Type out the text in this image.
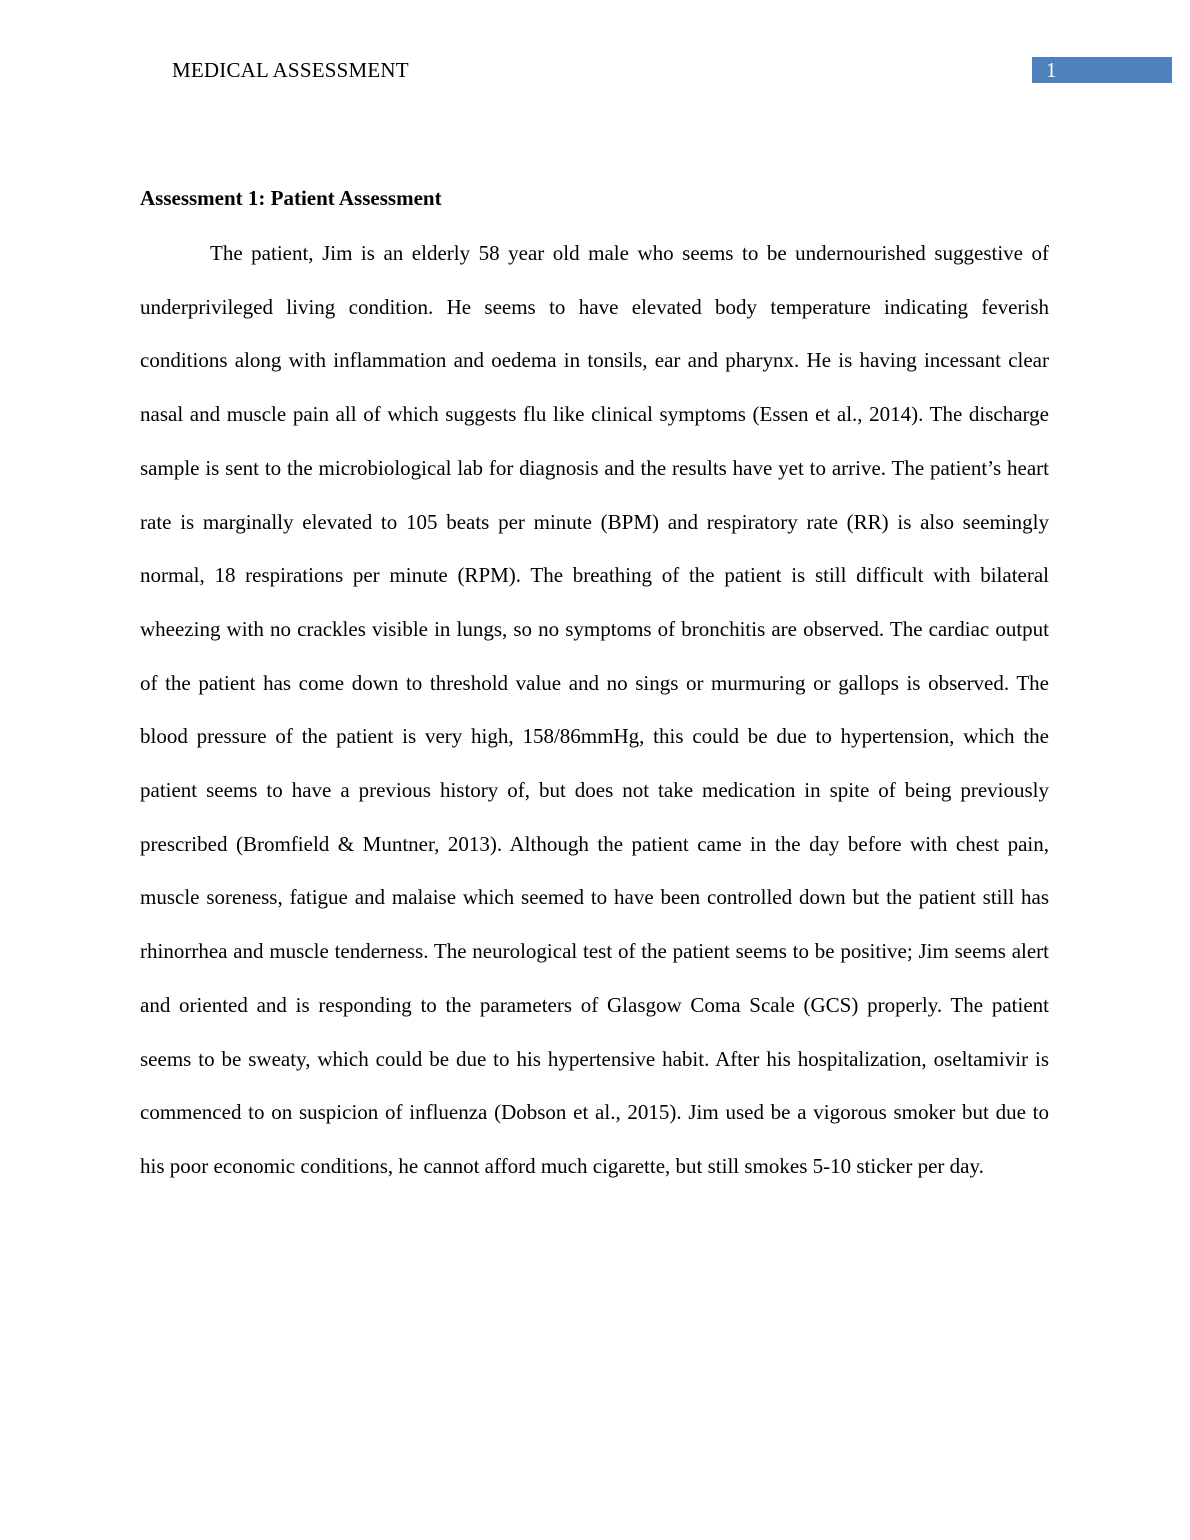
MEDICAL ASSESSMENT	1
Assessment 1: Patient Assessment

The patient, Jim is an elderly 58 year old male who seems to be undernourished suggestive of underprivileged living condition. He seems to have elevated body temperature indicating feverish conditions along with inflammation and oedema in tonsils, ear and pharynx. He is having incessant clear nasal and muscle pain all of which suggests flu like clinical symptoms (Essen et al., 2014). The discharge sample is sent to the microbiological lab for diagnosis and the results have yet to arrive. The patient’s heart rate is marginally elevated to 105 beats per minute (BPM) and respiratory rate (RR) is also seemingly normal, 18 respirations per minute (RPM). The breathing of the patient is still difficult with bilateral wheezing with no crackles visible in lungs, so no symptoms of bronchitis are observed. The cardiac output of the patient has come down to threshold value and no sings or murmuring or gallops is observed. The blood pressure of the patient is very high, 158/86mmHg, this could be due to hypertension, which the patient seems to have a previous history of, but does not take medication in spite of being previously prescribed (Bromfield & Muntner, 2013). Although the patient came in the day before with chest pain, muscle soreness, fatigue and malaise which seemed to have been controlled down but the patient still has rhinorrhea and muscle tenderness. The neurological test of the patient seems to be positive; Jim seems alert and oriented and is responding to the parameters of Glasgow Coma Scale (GCS) properly. The patient seems to be sweaty, which could be due to his hypertensive habit. After his hospitalization, oseltamivir is commenced to on suspicion of influenza (Dobson et al., 2015). Jim used be a vigorous smoker but due to his poor economic conditions, he cannot afford much cigarette, but still smokes 5-10 sticker per day.
